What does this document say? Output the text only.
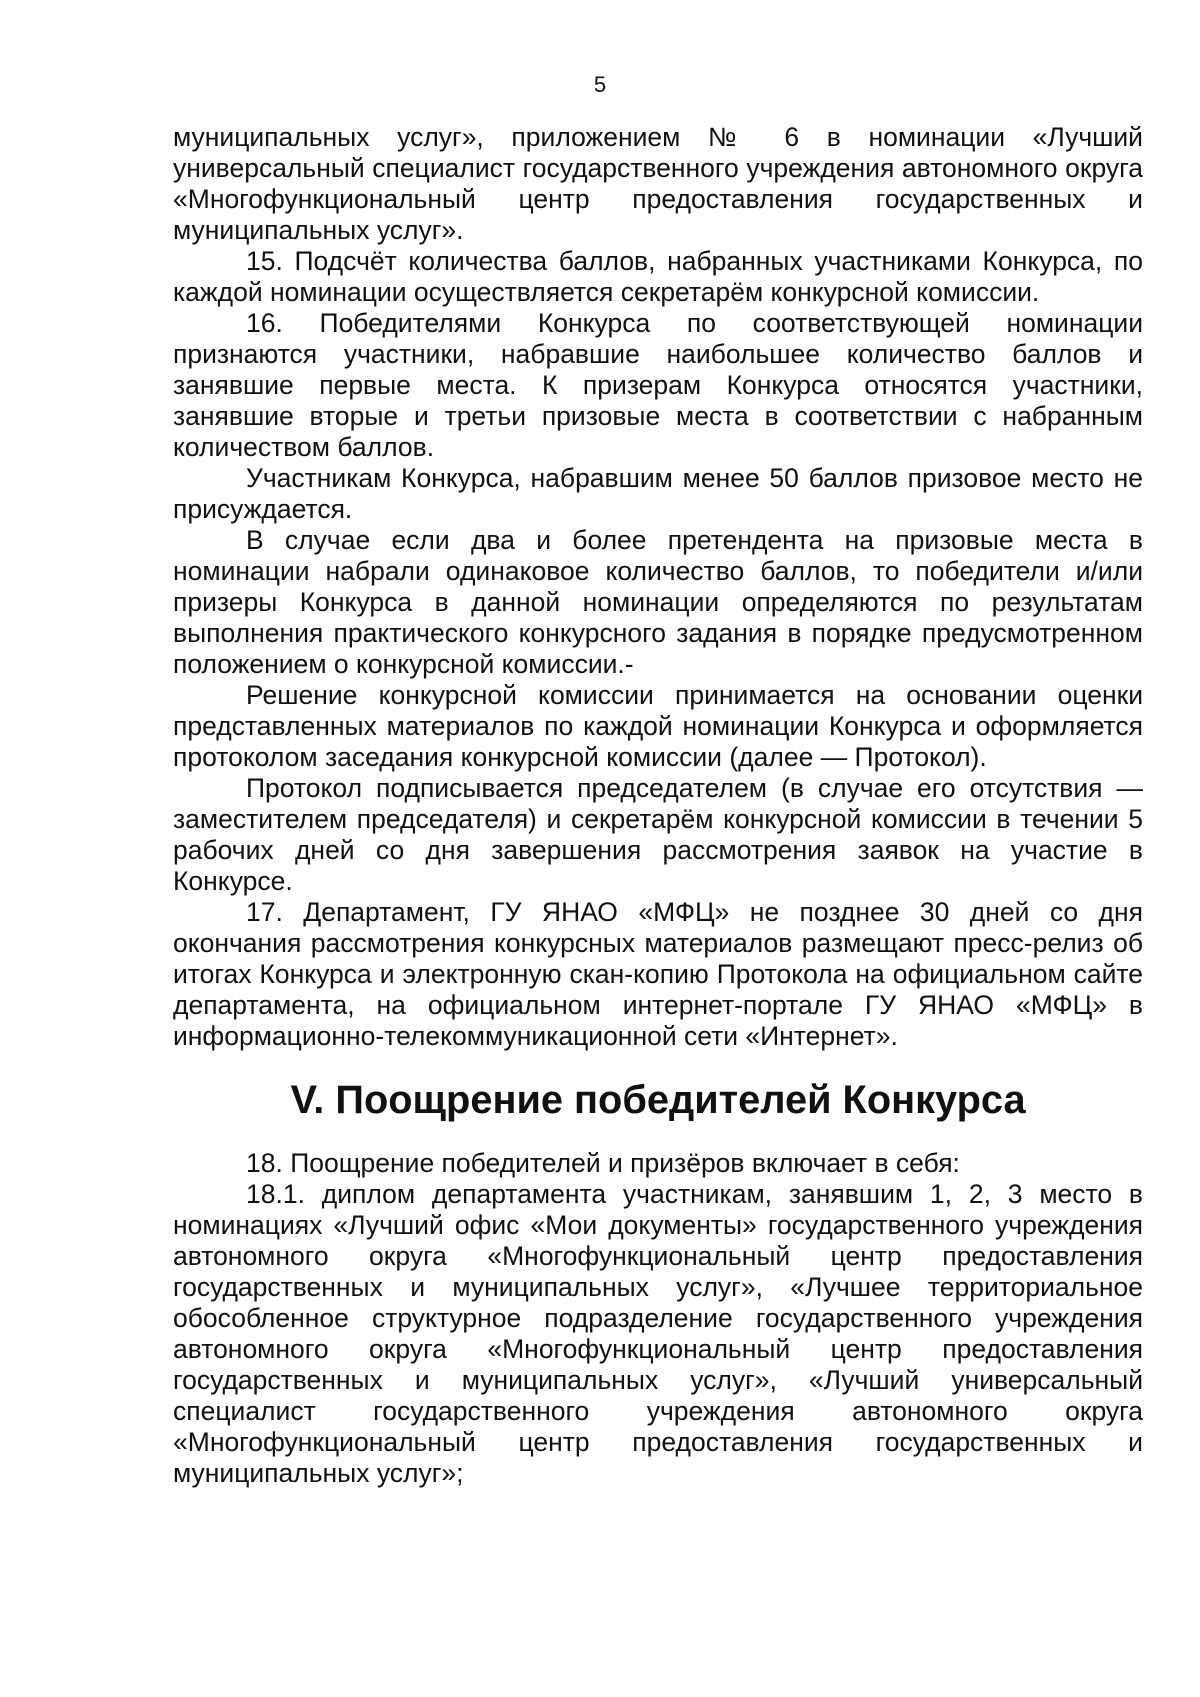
5

муниципальных услуг», приложением № 6 в номинации «Лучший универсальный специалист государственного учреждения автономного округа «Многофункциональный центр предоставления государственных и муниципальных услуг».

15. Подсчёт количества баллов, набранных участниками Конкурса, по каждой номинации осуществляется секретарём конкурсной комиссии.

16. Победителями Конкурса по соответствующей номинации признаются участники, набравшие наибольшее количество баллов и занявшие первые места. К призерам Конкурса относятся участники, занявшие вторые и третьи призовые места в соответствии с набранным количеством баллов.

Участникам Конкурса, набравшим менее 50 баллов призовое место не присуждается.

В случае если два и более претендента на призовые места в номинации набрали одинаковое количество баллов, то победители и/или призеры Конкурса в данной номинации определяются по результатам выполнения практического конкурсного задания в порядке предусмотренном положением о конкурсной комиссии.-

Решение конкурсной комиссии принимается на основании оценки представленных материалов по каждой номинации Конкурса и оформляется протоколом заседания конкурсной комиссии (далее — Протокол).

Протокол подписывается председателем (в случае его отсутствия — заместителем председателя) и секретарём конкурсной комиссии в течении 5 рабочих дней со дня завершения рассмотрения заявок на участие в Конкурсе.

17. Департамент, ГУ ЯНАО «МФЦ» не позднее 30 дней со дня окончания рассмотрения конкурсных материалов размещают пресс-релиз об итогах Конкурса и электронную скан-копию Протокола на официальном сайте департамента, на официальном интернет-портале ГУ ЯНАО «МФЦ» в информационно-телекоммуникационной сети «Интернет».

V. Поощрение победителей Конкурса

18. Поощрение победителей и призёров включает в себя:

18.1. диплом департамента участникам, занявшим 1, 2, 3 место в номинациях «Лучший офис «Мои документы» государственного учреждения автономного округа «Многофункциональный центр предоставления государственных и муниципальных услуг», «Лучшее территориальное обособленное структурное подразделение государственного учреждения автономного округа «Многофункциональный центр предоставления государственных и муниципальных услуг», «Лучший универсальный специалист государственного учреждения автономного округа «Многофункциональный центр предоставления государственных и муниципальных услуг»;
